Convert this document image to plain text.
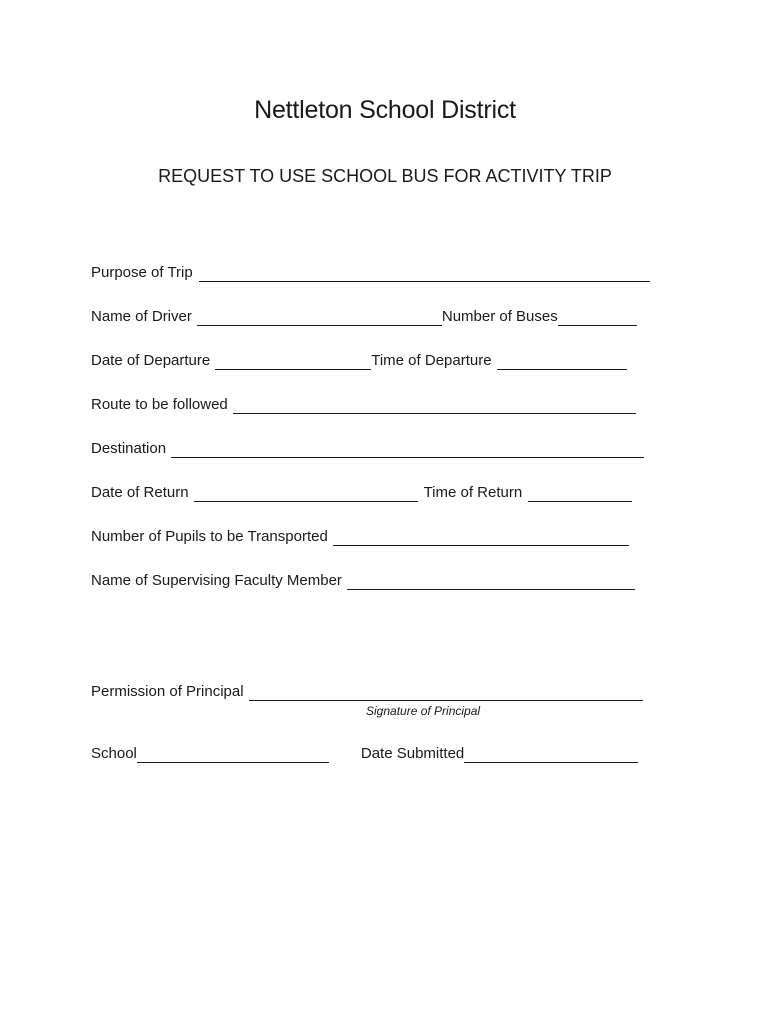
Nettleton School District
REQUEST TO USE SCHOOL BUS FOR ACTIVITY TRIP
Purpose of Trip
Name of Driver	Number of Buses
Date of Departure	Time of Departure
Route to be followed
Destination
Date of Return	Time of Return
Number of Pupils to be Transported
Name of Supervising Faculty Member
Permission of Principal
Signature of Principal
School	Date Submitted
